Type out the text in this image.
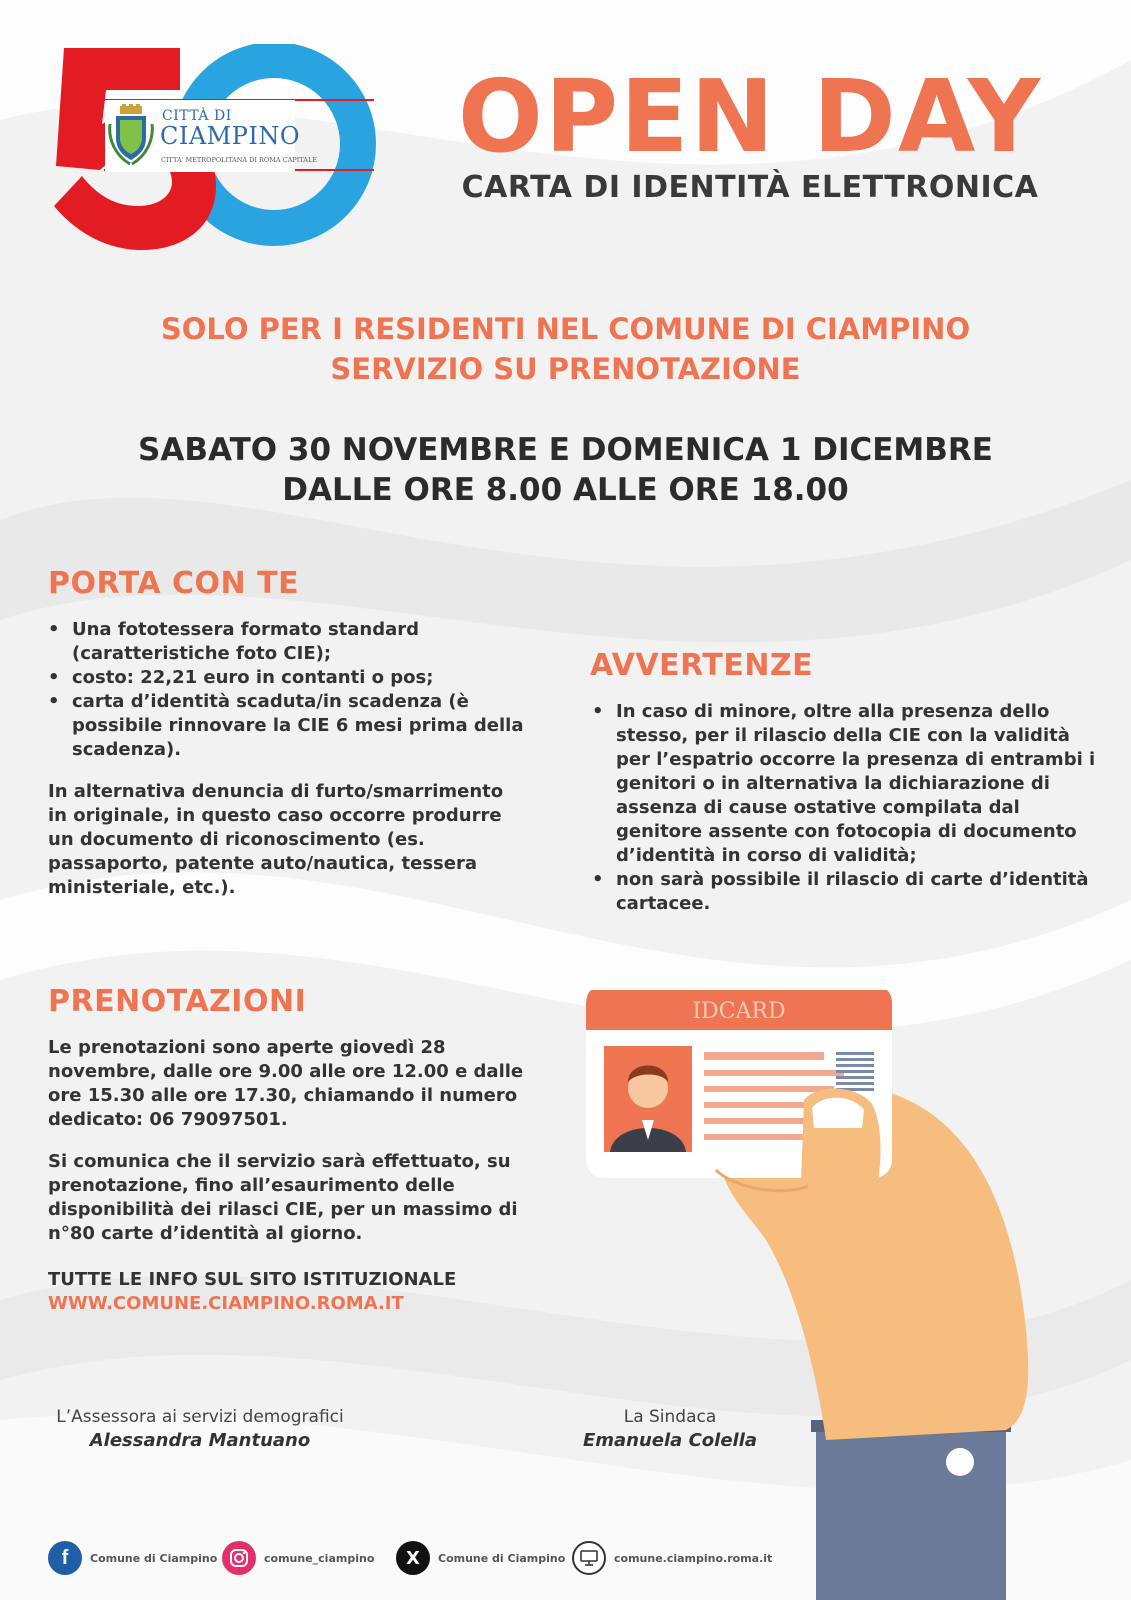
CITTÀ DI
CIAMPINO
CITTA' METROPOLITANA DI ROMA CAPITALE OPEN DAY
CARTA DI IDENTITÀ ELETTRONICA
SOLO PER I RESIDENTI NEL COMUNE DI CIAMPINO
SERVIZIO SU PRENOTAZIONE
SABATO 30 NOVEMBRE E DOMENICA 1 DICEMBRE
DALLE ORE 8.00 ALLE ORE 18.00
PORTA CON TE
• Una fototessera formato standard (caratteristiche foto CIE);
• costo: 22,21 euro in contanti o pos;
• carta d’identità scaduta/in scadenza (è possibile rinnovare la CIE 6 mesi prima della scadenza).
In alternativa denuncia di furto/smarrimento in originale, in questo caso occorre produrre un documento di riconoscimento (es. passaporto, patente auto/nautica, tessera ministeriale, etc.).
AVVERTENZE
• In caso di minore, oltre alla presenza dello stesso, per il rilascio della CIE con la validità per l’espatrio occorre la presenza di entrambi i genitori o in alternativa la dichiarazione di assenza di cause ostative compilata dal genitore assente con fotocopia di documento d’identità in corso di validità;
• non sarà possibile il rilascio di carte d’identità cartacee.
PRENOTAZIONI
Le prenotazioni sono aperte giovedì 28 novembre, dalle ore 9.00 alle ore 12.00 e dalle ore 15.30 alle ore 17.30, chiamando il numero dedicato: 06 79097501.
Si comunica che il servizio sarà effettuato, su prenotazione, fino all’esaurimento delle disponibilità dei rilasci CIE, per un massimo di n°80 carte d’identità al giorno.
TUTTE LE INFO SUL SITO ISTITUZIONALE
WWW.COMUNE.CIAMPINO.ROMA.IT
IDCARD
L’Assessora ai servizi demografici
Alessandra Mantuano
La Sindaca
Emanuela Colella
f Comune di Ciampino	comune_ciampino X Comune di Ciampino	comune.ciampino.roma.it
